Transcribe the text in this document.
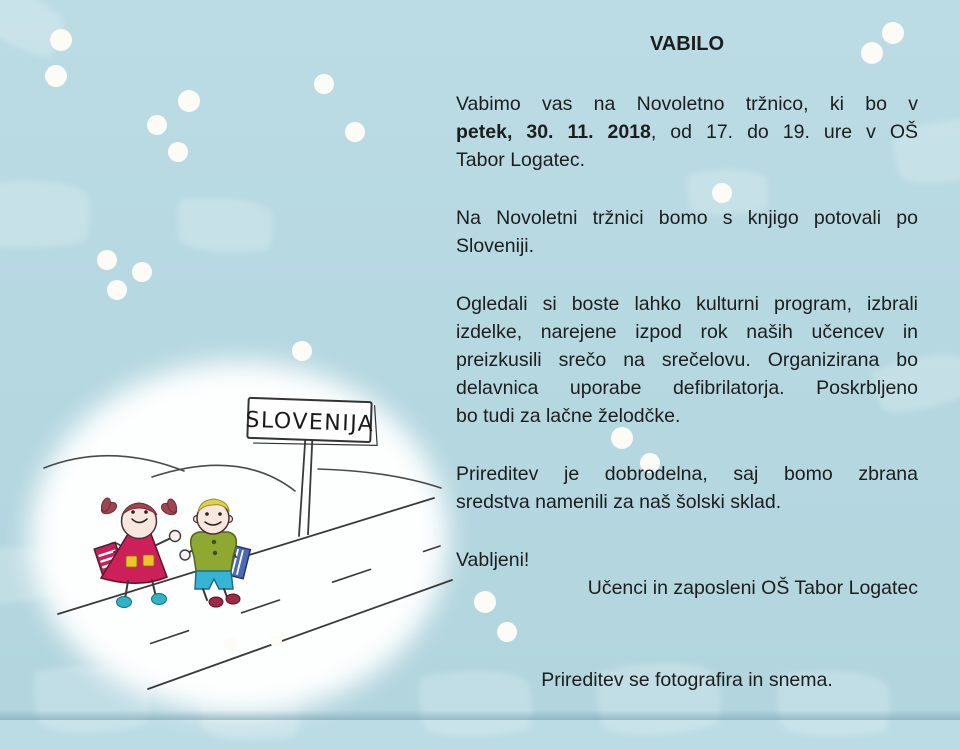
SLOVENIJA
VABILO
Vabimo vas na Novoletno tržnico, ki bo v
petek, 30. 11. 2018, od 17. do 19. ure v OŠ
Tabor Logatec.
Na Novoletni tržnici bomo s knjigo potovali po
Sloveniji.
Ogledali si boste lahko kulturni program, izbrali
izdelke, narejene izpod rok naših učencev in
preizkusili srečo na srečelovu. Organizirana bo
delavnica uporabe defibrilatorja. Poskrbljeno
bo tudi za lačne želodčke.
Prireditev je dobrodelna, saj bomo zbrana
sredstva namenili za naš šolski sklad.

Vabljeni!

Učenci in zaposleni OŠ Tabor Logatec

Prireditev se fotografira in snema.
